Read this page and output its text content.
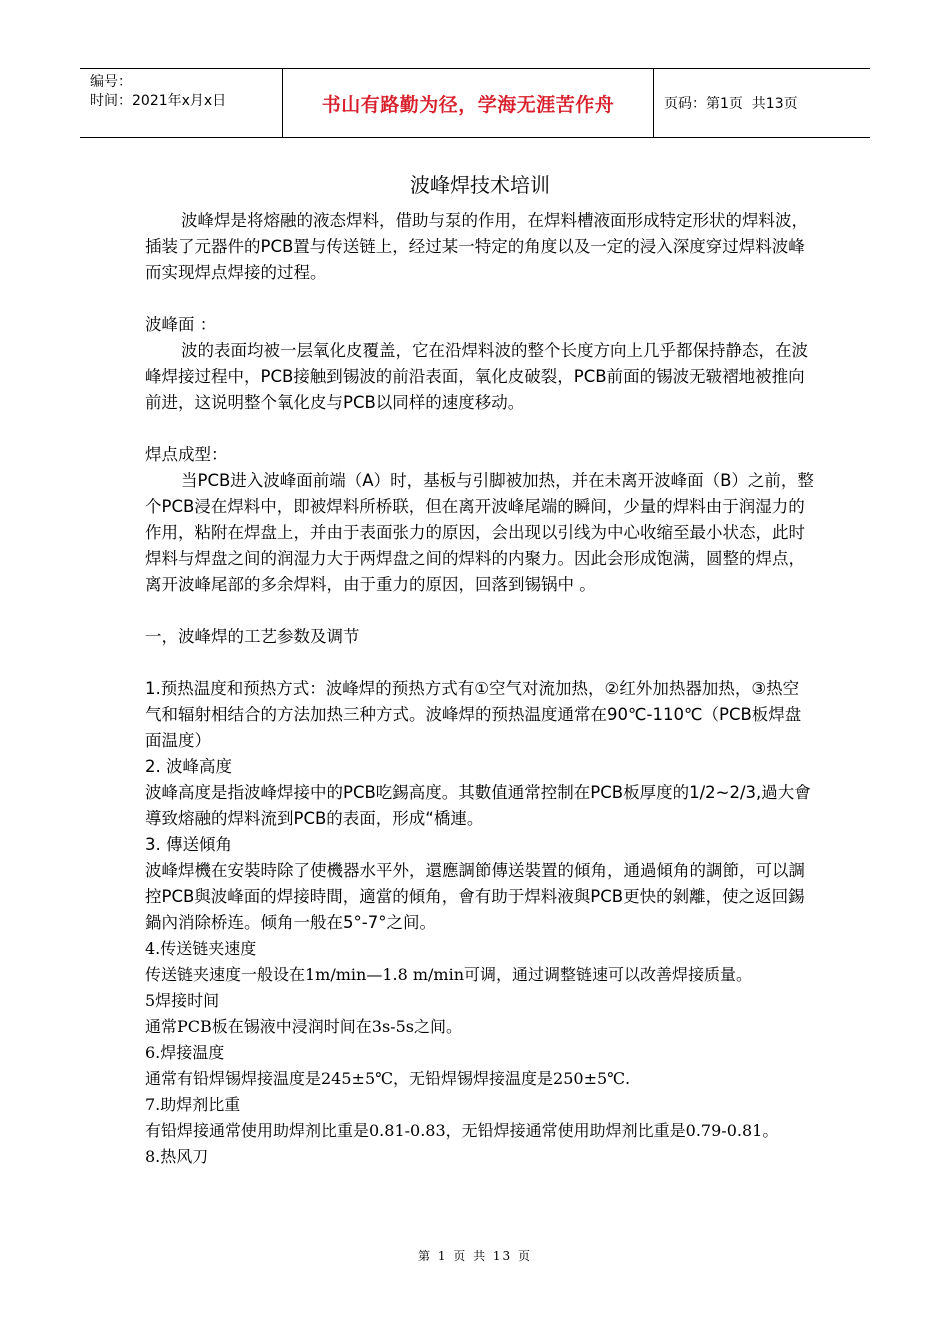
编号：
时间：2021年x月x日	书山有路勤为径，学海无涯苦作舟	页码：第1页  共13页
波峰焊技术培训

波峰焊是将熔融的液态焊料，借助与泵的作用，在焊料槽液面形成特定形状的焊料波，插装了元器件的PCB置与传送链上，经过某一特定的角度以及一定的浸入深度穿过焊料波峰而实现焊点焊接的过程。

波峰面 ：

波的表面均被一层氧化皮覆盖，它在沿焊料波的整个长度方向上几乎都保持静态，在波峰焊接过程中，PCB接触到锡波的前沿表面，氧化皮破裂，PCB前面的锡波无皲褶地被推向前进，这说明整个氧化皮与PCB以同样的速度移动。

焊点成型：

当PCB进入波峰面前端（A）时，基板与引脚被加热，并在未离开波峰面（B）之前，整个PCB浸在焊料中，即被焊料所桥联，但在离开波峰尾端的瞬间，少量的焊料由于润湿力的作用，粘附在焊盘上，并由于表面张力的原因，会出现以引线为中心收缩至最小状态，此时焊料与焊盘之间的润湿力大于两焊盘之间的焊料的内聚力。因此会形成饱满，圆整的焊点，离开波峰尾部的多余焊料，由于重力的原因，回落到锡锅中 。

一，波峰焊的工艺参数及调节

1.预热温度和预热方式：波峰焊的预热方式有①空气对流加热，②红外加热器加热，③热空气和辐射相结合的方法加热三种方式。波峰焊的预热温度通常在90℃-110℃（PCB板焊盘面温度）

2. 波峰高度

波峰高度是指波峰焊接中的PCB吃錫高度。其數值通常控制在PCB板厚度的1/2~2/3,過大會導致熔融的焊料流到PCB的表面，形成“橋連。

3. 傳送傾角

波峰焊機在安裝時除了使機器水平外，還應調節傳送裝置的傾角，通過傾角的調節，可以調控PCB與波峰面的焊接時間，適當的傾角，會有助于焊料液與PCB更快的剝離，使之返回錫鍋內消除桥连。倾角一般在5°-7°之间。

4.传送链夹速度

传送链夹速度一般设在1m/min—1.8 m/min可调，通过调整链速可以改善焊接质量。

5焊接时间

通常PCB板在锡液中浸润时间在3s-5s之间。

6.焊接温度

通常有铅焊锡焊接温度是245±5℃，无铅焊锡焊接温度是250±5℃.

7.助焊剂比重

有铅焊接通常使用助焊剂比重是0.81-0.83，无铅焊接通常使用助焊剂比重是0.79-0.81。

8.热风刀

第 1 页 共 13 页
